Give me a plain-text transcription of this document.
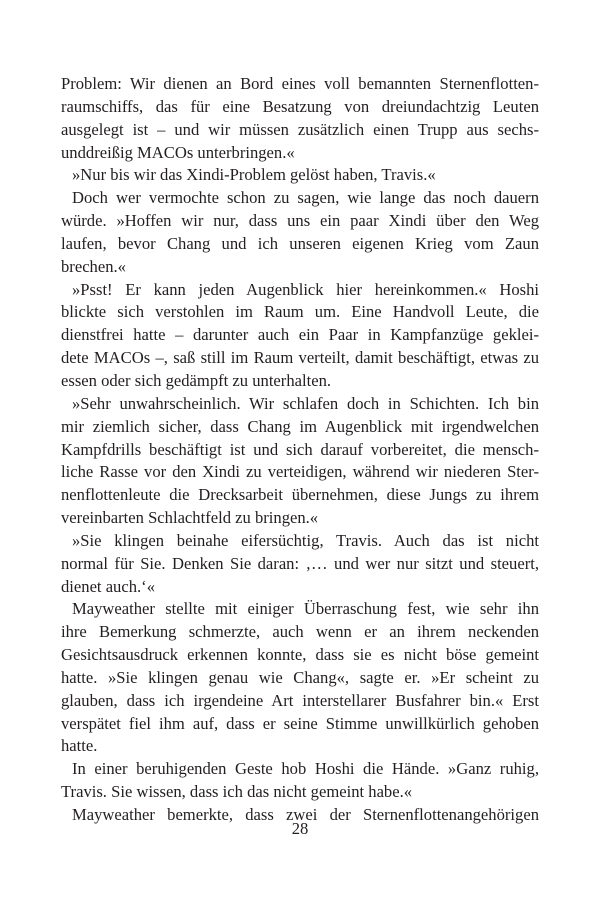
Problem: Wir dienen an Bord eines voll bemannten Sternenflotten-
raumschiffs, das für eine Besatzung von dreiundachtzig Leuten
ausgelegt ist – und wir müssen zusätzlich einen Trupp aus sechs-
unddreißig MACOs unterbringen.«
»Nur bis wir das Xindi-Problem gelöst haben, Travis.«
Doch wer vermochte schon zu sagen, wie lange das noch dauern
würde. »Hoffen wir nur, dass uns ein paar Xindi über den Weg
laufen, bevor Chang und ich unseren eigenen Krieg vom Zaun
brechen.«
»Psst! Er kann jeden Augenblick hier hereinkommen.« Hoshi
blickte sich verstohlen im Raum um. Eine Handvoll Leute, die
dienstfrei hatte – darunter auch ein Paar in Kampfanzüge geklei-
dete MACOs –, saß still im Raum verteilt, damit beschäftigt, etwas zu
essen oder sich gedämpft zu unterhalten.
»Sehr unwahrscheinlich. Wir schlafen doch in Schichten. Ich bin
mir ziemlich sicher, dass Chang im Augenblick mit irgendwelchen
Kampfdrills beschäftigt ist und sich darauf vorbereitet, die mensch-
liche Rasse vor den Xindi zu verteidigen, während wir niederen Ster-
nenflottenleute die Drecksarbeit übernehmen, diese Jungs zu ihrem
vereinbarten Schlachtfeld zu bringen.«
»Sie klingen beinahe eifersüchtig, Travis. Auch das ist nicht
normal für Sie. Denken Sie daran: ‚… und wer nur sitzt und steuert,
dienet auch.‘«
Mayweather stellte mit einiger Überraschung fest, wie sehr ihn
ihre Bemerkung schmerzte, auch wenn er an ihrem neckenden
Gesichtsausdruck erkennen konnte, dass sie es nicht böse gemeint
hatte. »Sie klingen genau wie Chang«, sagte er. »Er scheint zu
glauben, dass ich irgendeine Art interstellarer Busfahrer bin.« Erst
verspätet fiel ihm auf, dass er seine Stimme unwillkürlich gehoben
hatte.
In einer beruhigenden Geste hob Hoshi die Hände. »Ganz ruhig,
Travis. Sie wissen, dass ich das nicht gemeint habe.«
Mayweather bemerkte, dass zwei der Sternenflottenangehörigen
28
